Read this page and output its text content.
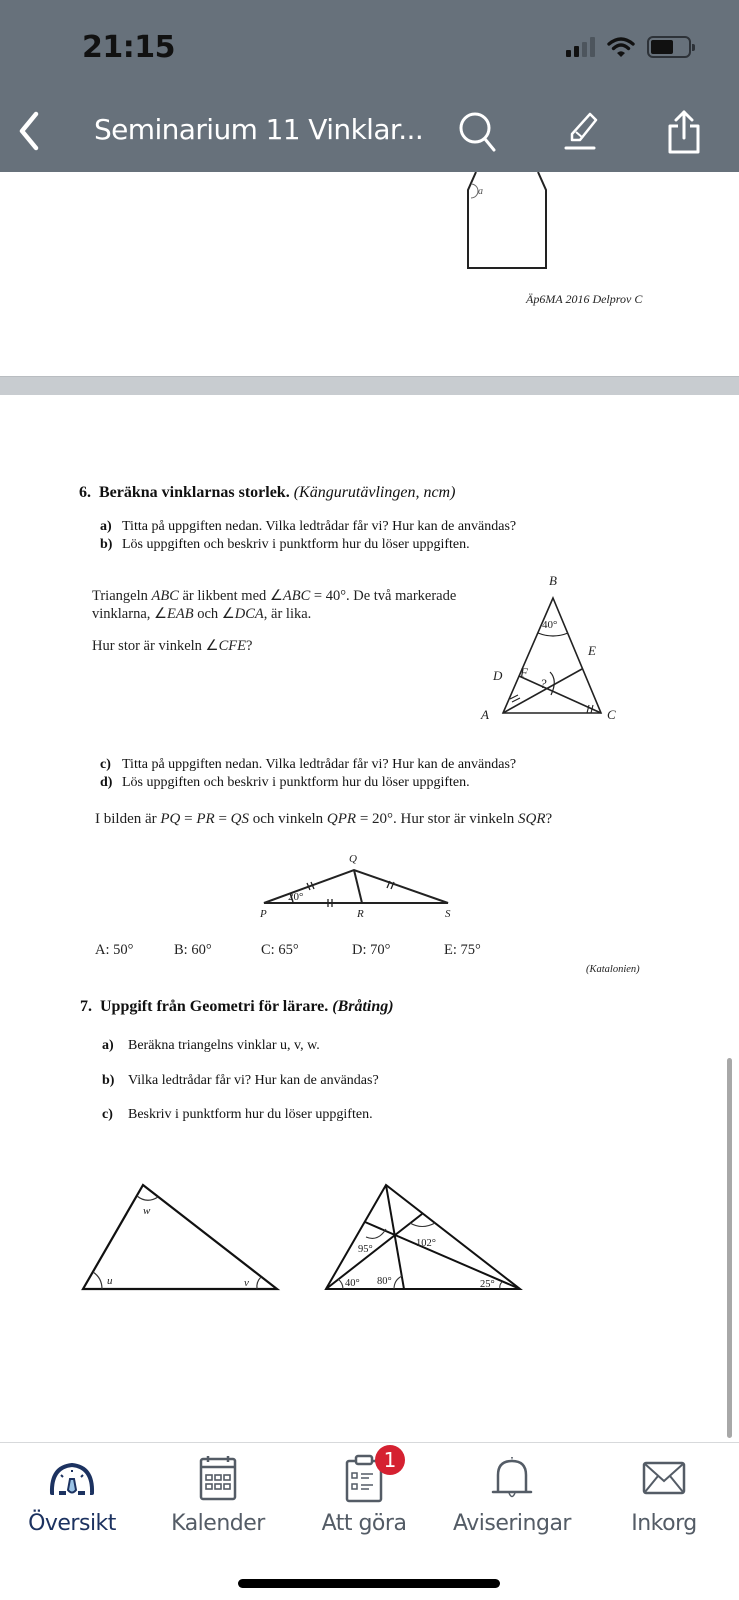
21:15
Seminarium 11 Vinklar...
a
Äp6MA 2016 Delprov C
6. Beräkna vinklarnas storlek. (Kängurutävlingen, ncm)
a) Titta på uppgiften nedan. Vilka ledtrådar får vi? Hur kan de användas?
b) Lös uppgiften och beskriv i punktform hur du löser uppgiften.
Triangeln ABC är likbent med ∠ABC = 40°. De två markerade
vinklarna, ∠EAB och ∠DCA, är lika.
Hur stor är vinkeln ∠CFE?
B
E
D F
?
A	C
40°
c) Titta på uppgiften nedan. Vilka ledtrådar får vi? Hur kan de användas?
d) Lös uppgiften och beskriv i punktform hur du löser uppgiften.
I bilden är PQ = PR = QS och vinkeln QPR = 20°. Hur stor är vinkeln SQR?
P
Q
R	S
20°
A: 50°	B: 60°	C: 65°	D: 70°	E: 75°
(Katalonien)
7. Uppgift från Geometri för lärare. (Bråting)
a) Beräkna triangelns vinklar u, v, w.
b) Vilka ledtrådar får vi? Hur kan de användas?
c) Beskriv i punktform hur du löser uppgiften.
w
u	v
95°
102°
40° 80°	25°
Översikt	Kalender
1
Att göra Aviseringar	Inkorg
